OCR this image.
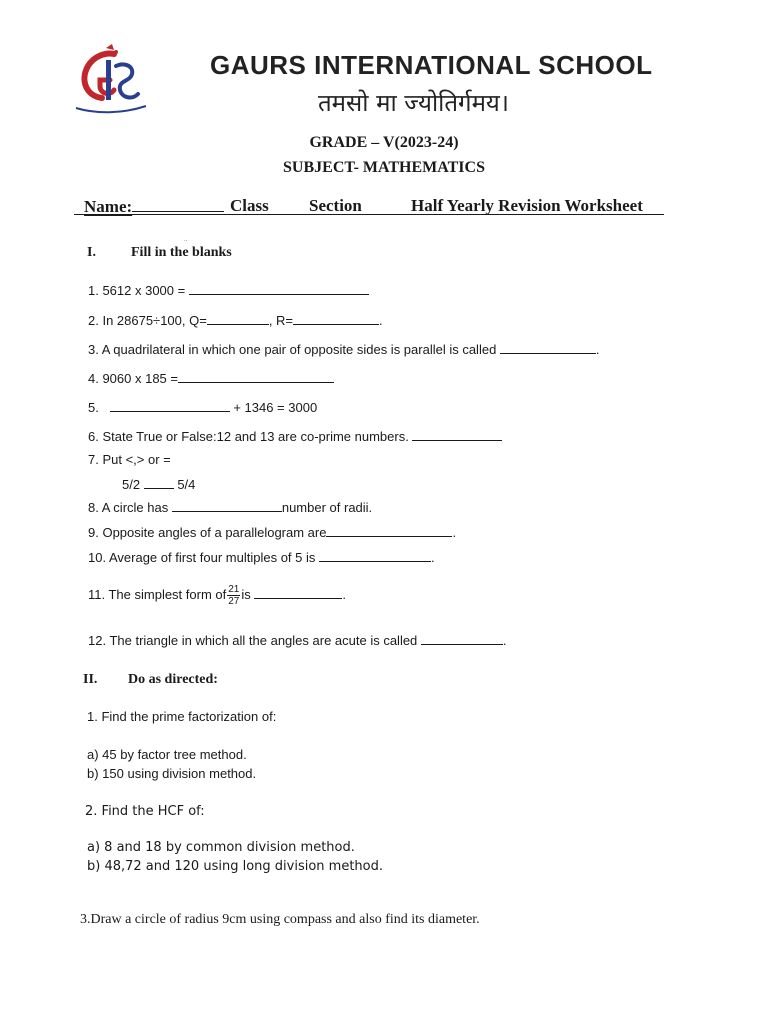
GAURS INTERNATIONAL SCHOOL
तमसो मा ज्योतिर्गमय।
GRADE – V(2023-24)
SUBJECT- MATHEMATICS
Name:	Class Section	Half Yearly Revision Worksheet
..
I.	Fill in the blanks
1. 5612 x 3000 =
2. In 28675÷100, Q=	, R=	.
3. A quadrilateral in which one pair of opposite sides is parallel is called	.
4. 9060 x 185 =
5.	+ 1346 = 3000
6. State True or False:12 and 13 are co-prime numbers.
7. Put <,> or =
5/2	5/4
8. A circle has	number of radii.
9. Opposite angles of a parallelogram are	.
10. Average of first four multiples of 5 is	.
11. The simplest form of $\frac{21}{27}$ is	.
12. The triangle in which all the angles are acute is called	.
II. Do as directed:
1. Find the prime factorization of:
a) 45 by factor tree method.
b) 150 using division method.
2. Find the HCF of:
a) 8 and 18 by common division method.
b) 48,72 and 120 using long division method.
3.Draw a circle of radius 9cm using compass and also find its diameter.
